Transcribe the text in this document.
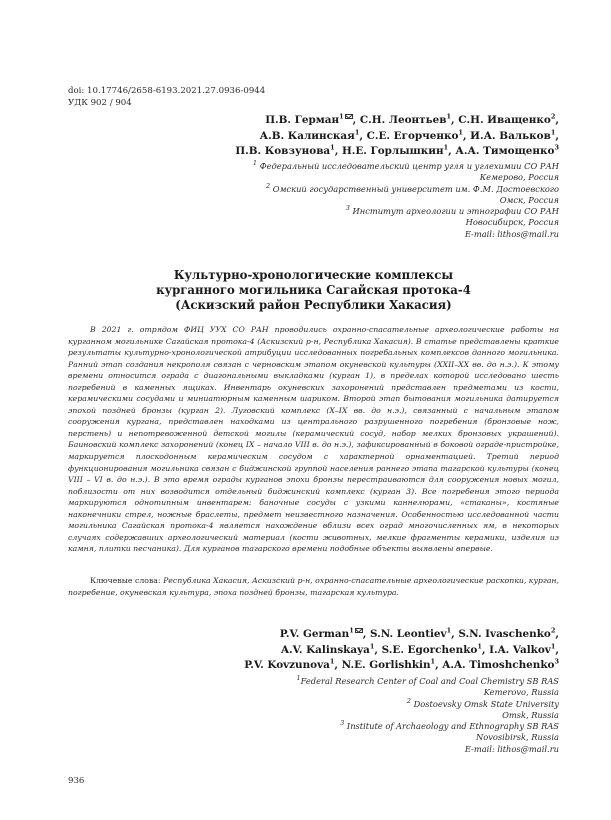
doi: 10.17746/2658-6193.2021.27.0936-0944
УДК 902 / 904
П.В. Герман$^1$ , С.Н. Леонтьев$^1$, С.Н. Иващенко$^2$,
А.В. Калинская$^1$, С.Е. Егорченко$^1$, И.А. Вальков$^1$,
П.В. Ковзунова$^1$, Н.Е. Горлышкин$^1$, А.А. Тимощенко$^3$
$^1$ Федеральный исследовательский центр угля и углехимии СО РАН
Кемерово, Россия
$^2$ Омский государственный университет им. Ф.М. Достоевского
Омск, Россия
$^3$ Институт археологии и этнографии СО РАН
Новосибирск, Россия
E-mail: lithos@mail.ru
Культурно-хронологические комплексы
курганного могильника Сагайская протока-4
(Аскизский район Республики Хакасия)
В 2021 г. отрядом ФИЦ УУХ СО РАН проводились охранно-спасательные археологические работы на курганном могильнике Сагайская протока-4 (Аскизский р-н, Республика Хакасия). В статье представлены краткие результаты культурно-хронологической атрибуции исследованных погребальных комплексов данного могильника. Ранний этап создания некрополя связан с черновским этапом окуневской культуры (XXII–XX вв. до н.э.). К этому времени относится ограда с диагональными выкладками (курган 1), в пределах которой исследовано шесть погребений в каменных ящиках. Инвентарь окуневских захоронений представлен предметами из кости, керамическими сосудами и миниатюрным каменным шариком. Второй этап бытования могильника датируется эпохой поздней бронзы (курган 2). Луговский комплекс (X–IX вв. до н.э.), связанный с начальным этапом сооружения кургана, представлен находками из центрального разрушенного погребения (бронзовые нож, перстень) и непотревоженной детской могилы (керамический сосуд, набор мелких бронзовых украшений). Баиновский комплекс захоронений (конец IX – начало VIII в. до н.э.), зафиксированный в боковой ограде-пристройке, маркируется плоскодонным керамическим сосудом с характерной орнаментацией. Третий период функционирования могильника связан с биджинской группой населения раннего этапа тагарской культуры (конец VIII – VI в. до н.э.). В это время ограды курганов эпохи бронзы перестраиваются для сооружения новых могил, поблизости от них возводится отдельный биджинский комплекс (курган 3). Все погребения этого периода маркируются однотипным инвентарем: баночные сосуды с узкими каннелюрами, «стаканы», костяные наконечники стрел, ножные браслеты, предмет неизвестного назначения. Особенностью исследованной части могильника Сагайская протока-4 является нахождение вблизи всех оград многочисленных ям, в некоторых случаях содержавших археологический материал (кости животных, мелкие фрагменты керамики, изделия из камня, плитки песчаника). Для курганов тагарского времени подобные объекты выявлены впервые.
Ключевые слова: Республика Хакасия, Аскизский р-н, охранно-спасательные археологические раскопки, курган, погребение, окуневская культура, эпоха поздней бронзы, тагарская культура.
P.V. German$^1$ , S.N. Leontiev$^1$, S.N. Ivaschenko$^2$,
A.V. Kalinskaya$^1$, S.E. Egorchenko$^1$, I.A. Valkov$^1$,
P.V. Kovzunova$^1$, N.E. Gorlishkin$^1$, A.A. Timoshchenko$^3$
$^1$Federal Research Center of Coal and Coal Chemistry SB RAS
Kemerovo, Russia
$^2$ Dostoevsky Omsk State University
Omsk, Russia
$^3$ Institute of Archaeology and Ethnography SB RAS
Novosibirsk, Russia
E-mail: lithos@mail.ru
936
